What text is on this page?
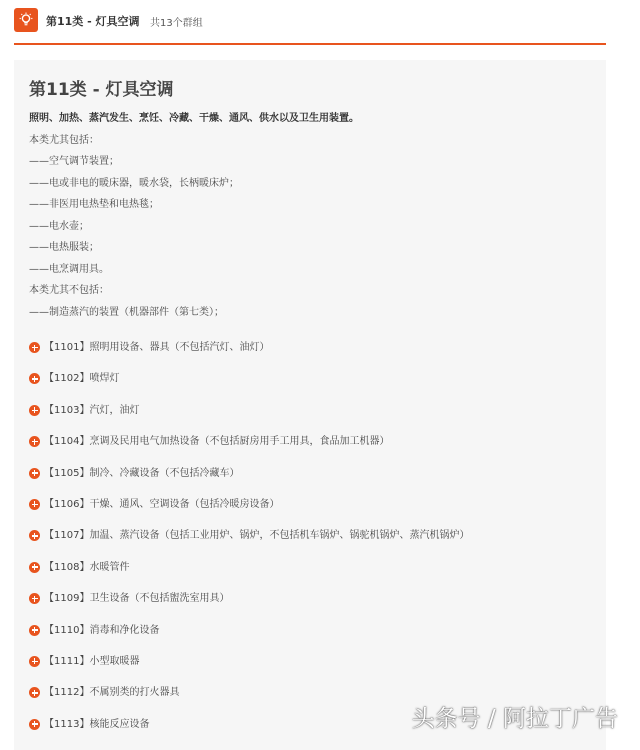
第11类 - 灯具空调 共13个群组
第11类 - 灯具空调
照明、加热、蒸汽发生、烹饪、冷藏、干燥、通风、供水以及卫生用装置。
本类尤其包括：
——空气调节装置；
——电或非电的暖床器，暖水袋，长柄暖床炉；
——非医用电热垫和电热毯；
——电水壶；
——电热服装；
——电烹调用具。
本类尤其不包括：
——制造蒸汽的装置（机器部件（第七类）；
【1101】照明用设备、器具（不包括汽灯、油灯）
【1102】喷焊灯
【1103】汽灯，油灯
【1104】烹调及民用电气加热设备（不包括厨房用手工用具，食品加工机器）
【1105】制冷、冷藏设备（不包括冷藏车）
【1106】干燥、通风、空调设备（包括冷暖房设备）
【1107】加温、蒸汽设备（包括工业用炉、锅炉，不包括机车锅炉、锅驼机锅炉、蒸汽机锅炉）
【1108】水暖管件
【1109】卫生设备（不包括盥洗室用具）
【1110】消毒和净化设备
【1111】小型取暖器
【1112】不属别类的打火器具
【1113】核能反应设备	头条号 / 阿拉丁广告
